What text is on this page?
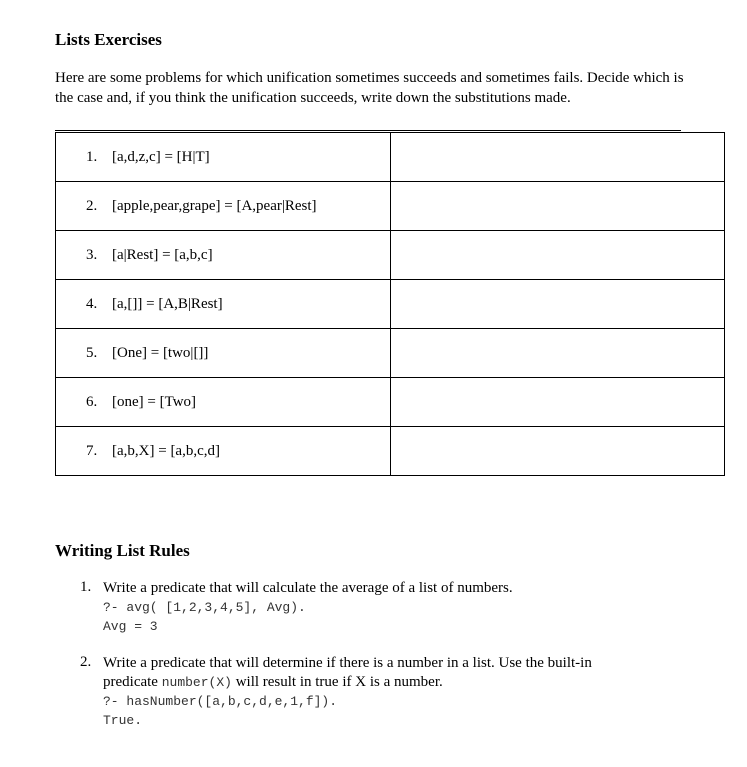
Lists Exercises
Here are some problems for which unification sometimes succeeds and sometimes fails. Decide which is the case and, if you think the unification succeeds, write down the substitutions made.
1. [a,d,z,c] = [H|T]	

2. [apple,pear,grape] = [A,pear|Rest]	

3. [a|Rest] = [a,b,c]	

4. [a,[]] = [A,B|Rest]	

5. [One] = [two|[]]	

6. [one] = [Two]	

7. [a,b,X] = [a,b,c,d]	

Writing List Rules
1. Write a predicate that will calculate the average of a list of numbers.
?- avg( [1,2,3,4,5], Avg).
Avg = 3
2. Write a predicate that will determine if there is a number in a list. Use the built-in
predicate number(X) will result in true if X is a number.
?- hasNumber([a,b,c,d,e,1,f]).
True.
